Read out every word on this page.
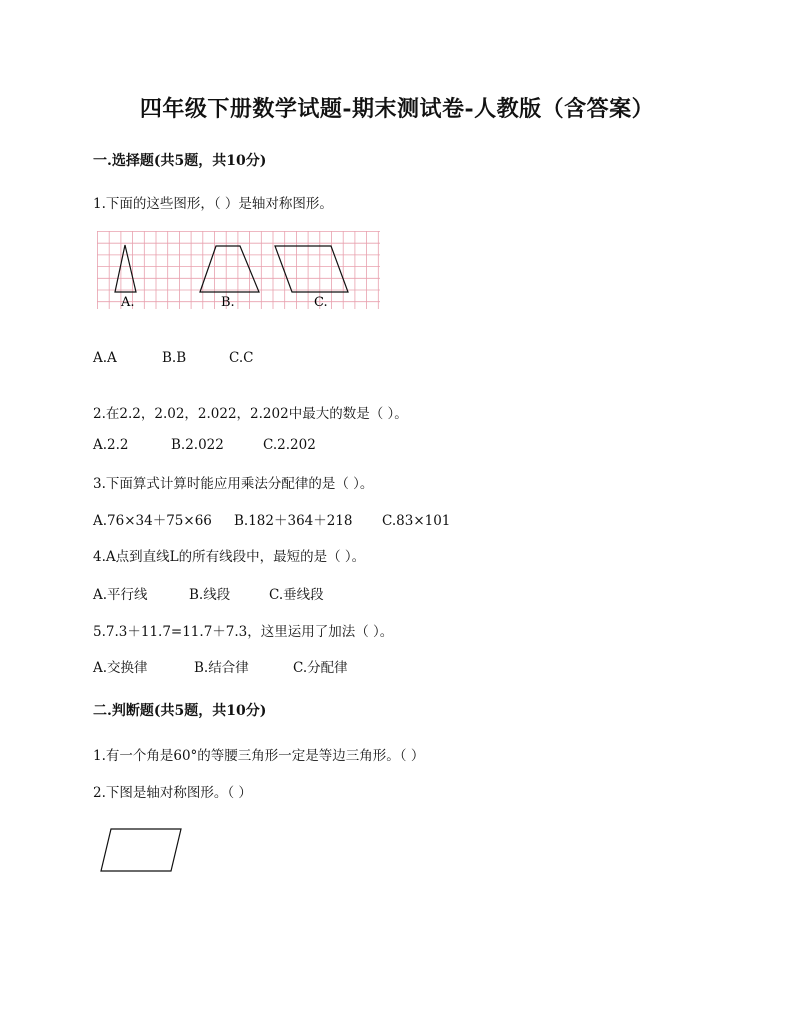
四年级下册数学试题-期末测试卷-人教版（含答案）
一.选择题(共5题，共10分)
1.下面的这些图形，（ ）是轴对称图形。
A.	B.	C.
A.A	B.B	C.C
2.在2.2，2.02，2.022，2.202中最大的数是（ ）。
A.2.2	B.2.022	C.2.202
3.下面算式计算时能应用乘法分配律的是（ ）。
A.76×34＋75×66 B.182＋364＋218 C.83×101
4.A点到直线L的所有线段中，最短的是（ ）。
A.平行线	B.线段	C.垂线段
5.7.3＋11.7=11.7＋7.3，这里运用了加法（ ）。
A.交换律	B.结合律	C.分配律
二.判断题(共5题，共10分)
1.有一个角是60°的等腰三角形一定是等边三角形。（ ）
2.下图是轴对称图形。（ ）
